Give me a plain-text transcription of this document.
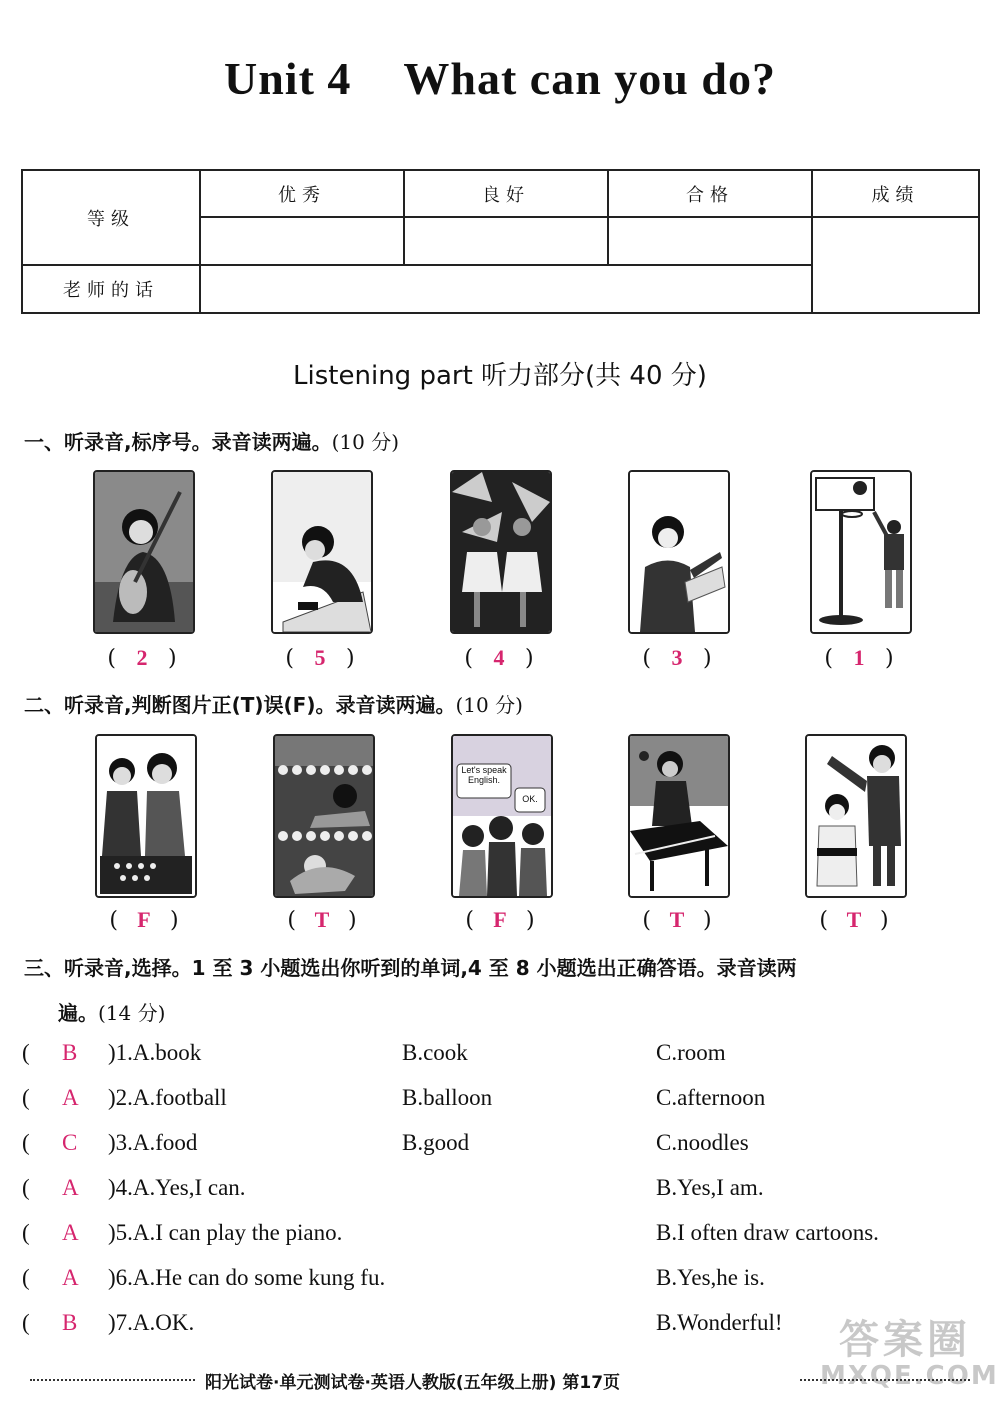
Unit 4 What can you do?
等级	优秀	良好	合格	成绩

老师的话				
Listening part 听力部分(共 40 分)
一、听录音,标序号。录音读两遍。(10 分)
( 2 )	( 5 )	( 4 )	( 3 )	( 1 )
二、听录音,判断图片正(T)误(F)。录音读两遍。(10 分)
Let's speak English.
OK.
( F )	( T )	( F )	( T )	( T )
三、听录音,选择。1 至 3 小题选出你听到的单词,4 至 8 小题选出正确答语。录音读两
遍。(14 分)
( B )1.A.book	B.cook	C.room
( A )2.A.football	B.balloon	C.afternoon
( C )3.A.food	B.good	C.noodles
( A )4.A.Yes,I can.	B.Yes,I am.
( A )5.A.I can play the piano.	B.I often draw cartoons.
( A )6.A.He can do some kung fu.	B.Yes,he is.
( B )7.A.OK.	B.Wonderful!	答案圈
MXQE.COM
阳光试卷·单元测试卷·英语人教版(五年级上册) 第17页
